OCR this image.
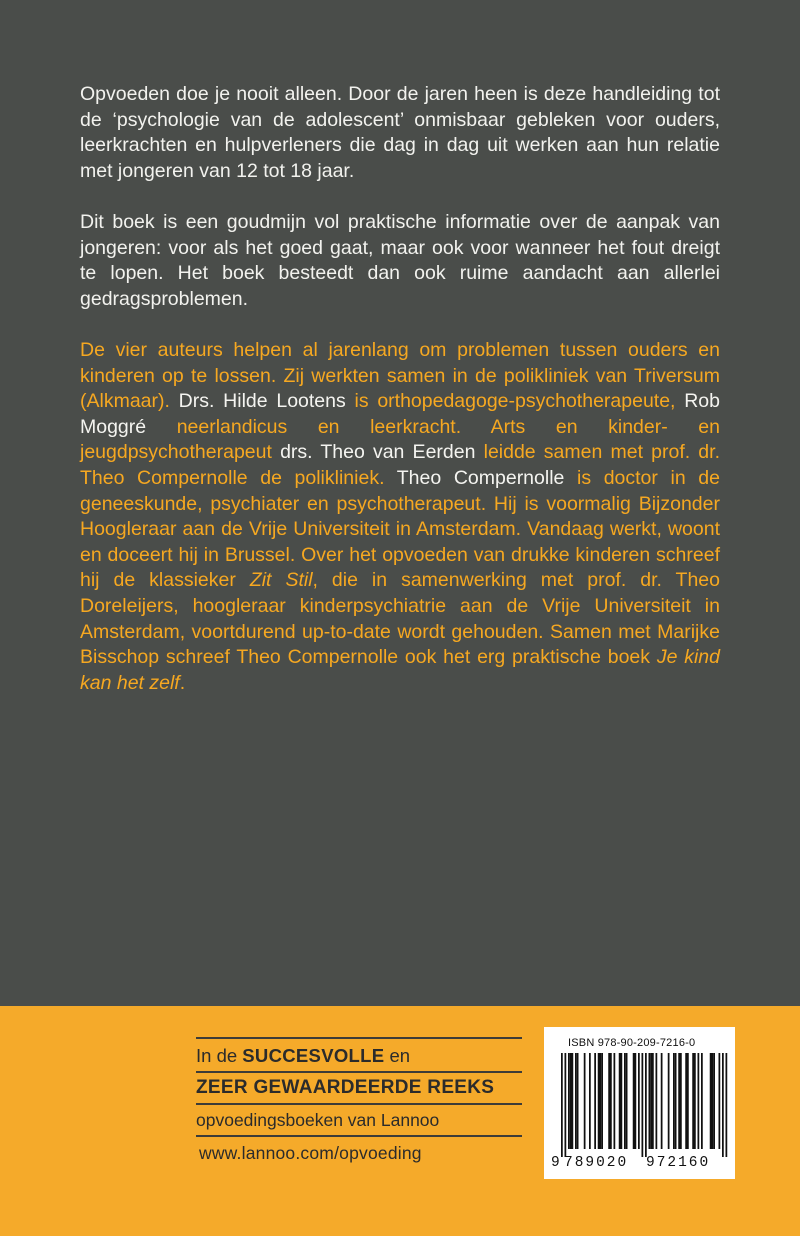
Opvoeden doe je nooit alleen. Door de jaren heen is deze handleiding tot de ‘psychologie van de adolescent’ onmisbaar gebleken voor ouders, leerkrachten en hulpverleners die dag in dag uit werken aan hun relatie met jongeren van 12 tot 18 jaar.
Dit boek is een goudmijn vol praktische informatie over de aanpak van jongeren: voor als het goed gaat, maar ook voor wanneer het fout dreigt te lopen. Het boek besteedt dan ook ruime aandacht aan allerlei gedragsproblemen.
De vier auteurs helpen al jarenlang om problemen tussen ouders en kinderen op te lossen. Zij werkten samen in de polikliniek van Triversum (Alkmaar). Drs. Hilde Lootens is orthopedagoge-psychotherapeute, Rob Moggré neerlandicus en leerkracht. Arts en kinder- en jeugdpsychotherapeut drs. Theo van Eerden leidde samen met prof. dr. Theo Compernolle de polikliniek. Theo Compernolle is doctor in de geneeskunde, psychiater en psychotherapeut. Hij is voormalig Bijzonder Hoogleraar aan de Vrije Universiteit in Amsterdam. Vandaag werkt, woont en doceert hij in Brussel. Over het opvoeden van drukke kinderen schreef hij de klassieker Zit Stil, die in samenwerking met prof. dr. Theo Doreleijers, hoogleraar kinderpsychiatrie aan de Vrije Universiteit in Amsterdam, voortdurend up-to-date wordt gehouden. Samen met Marijke Bisschop schreef Theo Compernolle ook het erg praktische boek Je kind kan het zelf.
In de SUCCESVOLLE en
ZEER GEWAARDEERDE REEKS
opvoedingsboeken van Lannoo
www.lannoo.com/opvoeding
ISBN 978-90-209-7216-0
9 789020 972160
